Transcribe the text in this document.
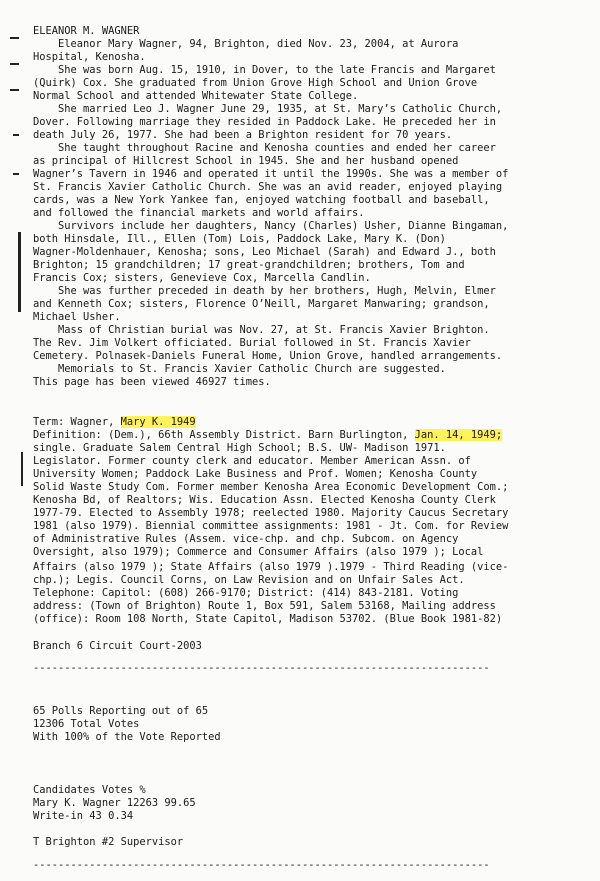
ELEANOR M. WAGNER
Eleanor Mary Wagner, 94, Brighton, died Nov. 23, 2004, at Aurora
Hospital, Kenosha.
She was born Aug. 15, 1910, in Dover, to the late Francis and Margaret
(Quirk) Cox. She graduated from Union Grove High School and Union Grove
Normal School and attended Whitewater State College.
She married Leo J. Wagner June 29, 1935, at St. Mary’s Catholic Church,
Dover. Following marriage they resided in Paddock Lake. He preceded her in
death July 26, 1977. She had been a Brighton resident for 70 years.
She taught throughout Racine and Kenosha counties and ended her career
as principal of Hillcrest School in 1945. She and her husband opened
Wagner’s Tavern in 1946 and operated it until the 1990s. She was a member of
St. Francis Xavier Catholic Church. She was an avid reader, enjoyed playing
cards, was a New York Yankee fan, enjoyed watching football and baseball,
and followed the financial markets and world affairs.
Survivors include her daughters, Nancy (Charles) Usher, Dianne Bingaman,
both Hinsdale, Ill., Ellen (Tom) Lois, Paddock Lake, Mary K. (Don)
Wagner-Moldenhauer, Kenosha; sons, Leo Michael (Sarah) and Edward J., both
Brighton; 15 grandchildren; 17 great-grandchildren; brothers, Tom and
Francis Cox; sisters, Genevieve Cox, Marcella Candlin.
She was further preceded in death by her brothers, Hugh, Melvin, Elmer
and Kenneth Cox; sisters, Florence O’Neill, Margaret Manwaring; grandson,
Michael Usher.
Mass of Christian burial was Nov. 27, at St. Francis Xavier Brighton.
The Rev. Jim Volkert officiated. Burial followed in St. Francis Xavier
Cemetery. Polnasek-Daniels Funeral Home, Union Grove, handled arrangements.
Memorials to St. Francis Xavier Catholic Church are suggested.
This page has been viewed 46927 times.
Term: Wagner, Mary K. 1949
Definition: (Dem.), 66th Assembly District. Barn Burlington, Jan. 14, 1949;
single. Graduate Salem Central High School; B.S. UW- Madison 1971.
Legislator. Former county clerk and educator. Member American Assn. of
University Women; Paddock Lake Business and Prof. Women; Kenosha County
Solid Waste Study Com. Former member Kenosha Area Economic Development Com.;
Kenosha Bd, of Realtors; Wis. Education Assn. Elected Kenosha County Clerk
1977-79. Elected to Assembly 1978; reelected 1980. Majority Caucus Secretary
1981 (also 1979). Biennial committee assignments: 1981 - Jt. Com. for Review
of Administrative Rules (Assem. vice-chp. and chp. Subcom. on Agency
Oversight, also 1979); Commerce and Consumer Affairs (also 1979 ); Local
Affairs (also 1979 ); State Affairs (also 1979 ).1979 - Third Reading (vice-
chp.); Legis. Council Corns, on Law Revision and on Unfair Sales Act.
Telephone: Capitol: (608) 266-9170; District: (414) 843-2181. Voting
address: (Town of Brighton) Route 1, Box 591, Salem 53168, Mailing address
(office): Room 108 North, State Capitol, Madison 53702. (Blue Book 1981-82)
Branch 6 Circuit Court-2003
-------------------------------------------------------------------------
65 Polls Reporting out of 65
12306 Total Votes
With 100% of the Vote Reported
Candidates Votes %
Mary K. Wagner 12263 99.65
Write-in 43 0.34
T Brighton #2 Supervisor
-------------------------------------------------------------------------
